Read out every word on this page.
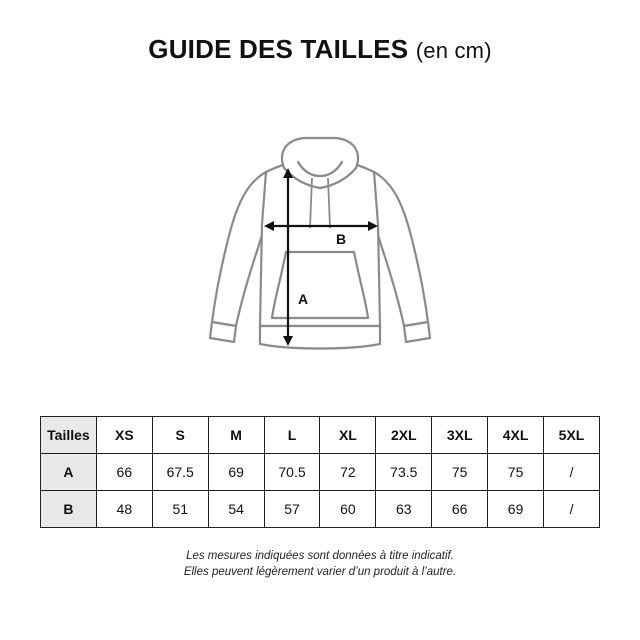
GUIDE DES TAILLES (en cm)
A
B
Tailles	XS	S	M	L	XL	2XL	3XL	4XL	5XL
A	66	67.5	69	70.5	72	73.5	75	75	/
B	48	51	54	57	60	63	66	69	/
Les mesures indiquées sont données à titre indicatif.
Elles peuvent légèrement varier d’un produit à l’autre.
